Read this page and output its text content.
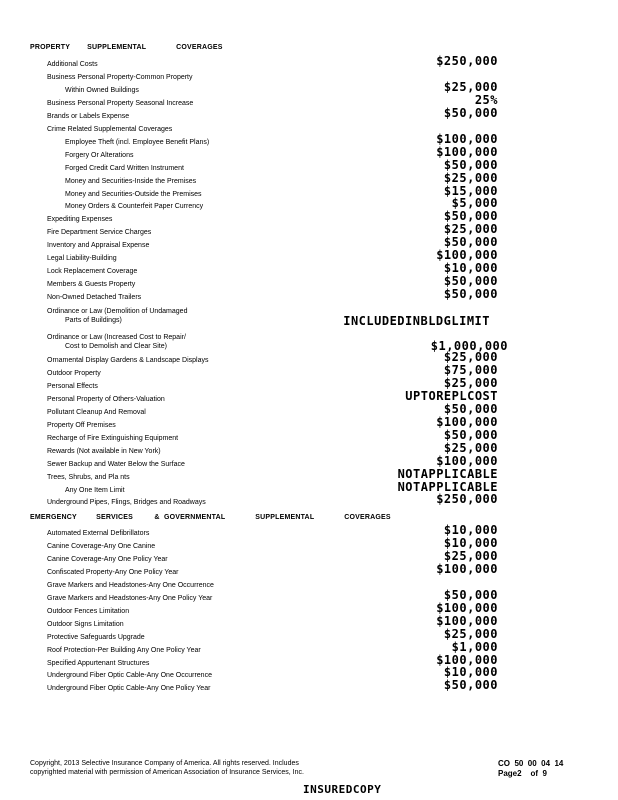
PROPERTY        SUPPLEMENTAL              COVERAGES
Additional Costs	$250,000
Business Personal Property-Common Property
Within Owned Buildings	$25,000
Business Personal Property Seasonal Increase	25%
Brands or Labels Expense	$50,000
Crime Related Supplemental Coverages
Employee Theft (incl. Employee Benefit Plans)	$100,000
Forgery Or Alterations	$100,000
Forged Credit Card Written Instrument	$50,000
Money and Securities-Inside the Premises	$25,000
Money and Securities-Outside the Premises	$15,000
Money Orders & Counterfeit Paper Currency	$5,000
Expediting Expenses	$50,000
Fire Department Service Charges	$25,000
Inventory and Appraisal Expense	$50,000
Legal Liability-Building	$100,000
Lock Replacement Coverage	$10,000
Members & Guests Property	$50,000
Non-Owned Detached Trailers	$50,000
Ordinance or Law (Demolition of Undamaged
Parts of Buildings)	INCLUDEDINBLDGLIMIT
Ordinance or Law (Increased Cost to Repair/
Cost to Demolish and Clear Site)	$1,000,000
Ornamental Display Gardens & Landscape Displays	$25,000
Outdoor Property	$75,000
Personal Effects	$25,000
Personal Property of Others-Valuation	UPTOREPLCOST
Pollutant Cleanup And Removal	$50,000
Property Off Premises	$100,000
Recharge of Fire Extinguishing Equipment	$50,000
Rewards (Not available in New York)	$25,000
Sewer Backup and Water Below the Surface	$100,000
Trees, Shrubs, and Pla nts	NOTAPPLICABLE
Any One Item Limit	NOTAPPLICABLE
Underground Pipes, Flings, Bridges and Roadways	$250,000
EMERGENCY         SERVICES          &  GOVERNMENTAL              SUPPLEMENTAL              COVERAGES
Automated External Defibrillators	$10,000
Canine Coverage-Any One Canine	$10,000
Canine Coverage-Any One Policy Year	$25,000
Confiscated Property-Any One Policy Year	$100,000
Grave Markers and Headstones-Any One Occurrence
Grave Markers and Headstones-Any One Policy Year	$50,000
Outdoor Fences Limitation	$100,000
Outdoor Signs Limitation	$100,000
Protective Safeguards Upgrade	$25,000
Roof Protection-Per Building Any One Policy Year	$1,000
Specified Appurtenant Structures	$100,000
Underground Fiber Optic Cable-Any One Occurrence	$10,000
Underground Fiber Optic Cable-Any One Policy Year	$50,000
Copyright, 2013 Selective Insurance Company of America. All rights reserved. Includes copyrighted material with permission of American Association of Insurance Services, Inc.
CO  50  00  04  14
Page2    of  9
INSUREDCOPY
